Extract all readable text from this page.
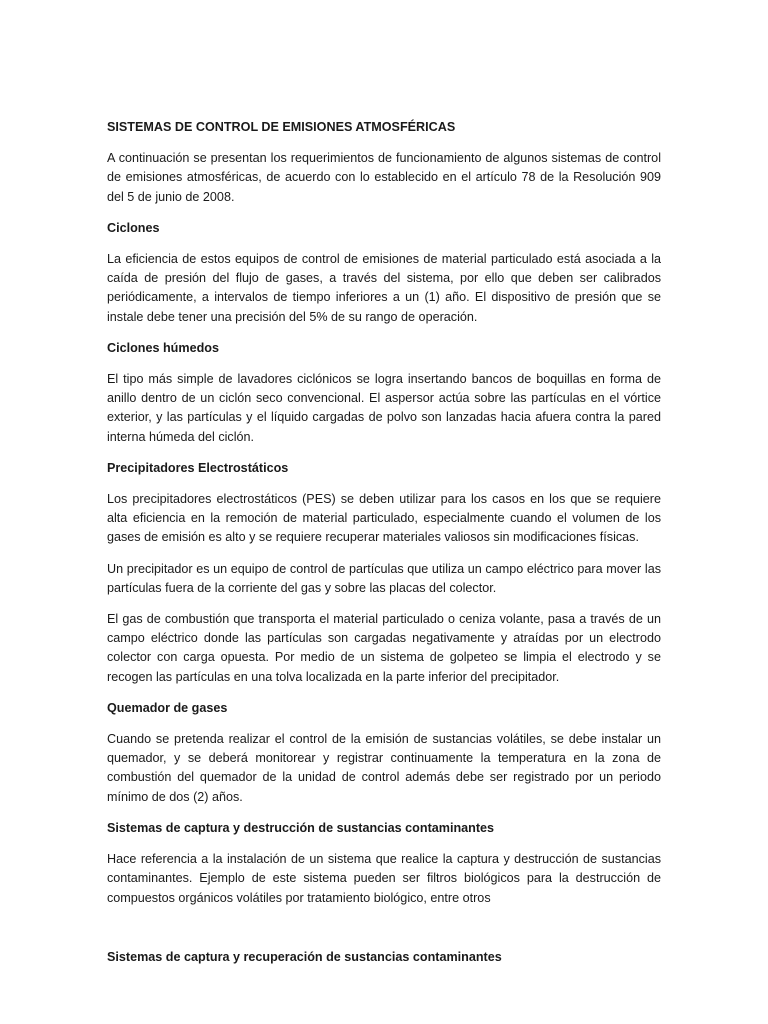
SISTEMAS DE CONTROL DE EMISIONES ATMOSFÉRICAS

A continuación se presentan los requerimientos de funcionamiento de algunos sistemas de control de emisiones atmosféricas, de acuerdo con lo establecido en el artículo 78 de la Resolución 909 del 5 de junio de 2008.

Ciclones

La eficiencia de estos equipos de control de emisiones de material particulado está asociada a la caída de presión del flujo de gases, a través del sistema, por ello que deben ser calibrados periódicamente, a intervalos de tiempo inferiores a un (1) año. El dispositivo de presión que se instale debe tener una precisión del 5% de su rango de operación.

Ciclones húmedos

El tipo más simple de lavadores ciclónicos se logra insertando bancos de boquillas en forma de anillo dentro de un ciclón seco convencional. El aspersor actúa sobre las partículas en el vórtice exterior, y las partículas y el líquido cargadas de polvo son lanzadas hacia afuera contra la pared interna húmeda del ciclón.

Precipitadores Electrostáticos

Los precipitadores electrostáticos (PES) se deben utilizar para los casos en los que se requiere alta eficiencia en la remoción de material particulado, especialmente cuando el volumen de los gases de emisión es alto y se requiere recuperar materiales valiosos sin modificaciones físicas.

Un precipitador es un equipo de control de partículas que utiliza un campo eléctrico para mover las partículas fuera de la corriente del gas y sobre las placas del colector.

El gas de combustión que transporta el material particulado o ceniza volante, pasa a través de un campo eléctrico donde las partículas son cargadas negativamente y atraídas por un electrodo colector con carga opuesta. Por medio de un sistema de golpeteo se limpia el electrodo y se recogen las partículas en una tolva localizada en la parte inferior del precipitador.

Quemador de gases

Cuando se pretenda realizar el control de la emisión de sustancias volátiles, se debe instalar un quemador, y se deberá monitorear y registrar continuamente la temperatura en la zona de combustión del quemador de la unidad de control además debe ser registrado por un periodo mínimo de dos (2) años.

Sistemas de captura y destrucción de sustancias contaminantes

Hace referencia a la instalación de un sistema que realice la captura y destrucción de sustancias contaminantes. Ejemplo de este sistema pueden ser filtros biológicos para la destrucción de compuestos orgánicos volátiles por tratamiento biológico, entre otros

Sistemas de captura y recuperación de sustancias contaminantes
